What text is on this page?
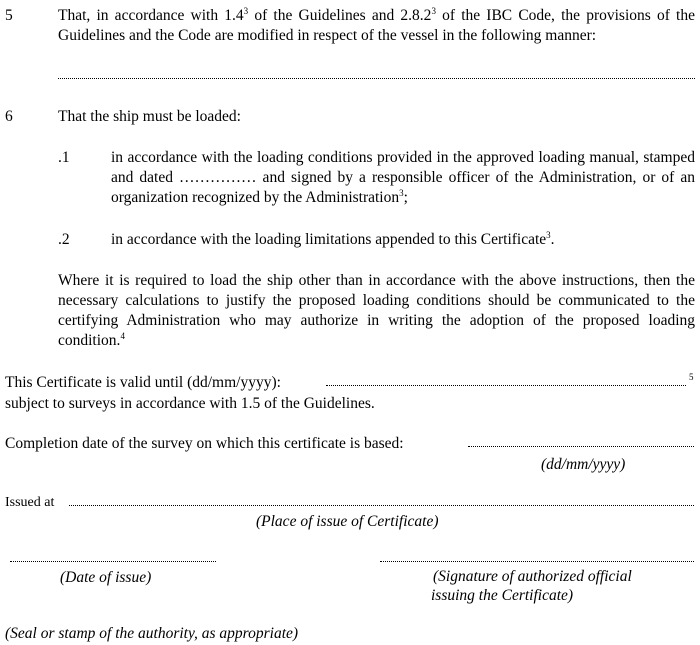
5	That, in accordance with $1.4^3$ of the Guidelines and 2.8.2$^3$ of the IBC Code, the provisions of the Guidelines and the Code are modified in respect of the vessel in the following manner:
6	That the ship must be loaded:
.1	in accordance with the loading conditions provided in the approved loading manual, stamped and dated …………… and signed by a responsible officer of the Administration, or of an organization recognized by the Administration$^3$;
.2	in accordance with the loading limitations appended to this Certificate$^3$.
Where it is required to load the ship other than in accordance with the above instructions, then the necessary calculations to justify the proposed loading conditions should be communicated to the certifying Administration who may authorize in writing the adoption of the proposed loading condition.$^4$
This Certificate is valid until (dd/mm/yyyy):	5
subject to surveys in accordance with 1.5 of the Guidelines.
Completion date of the survey on which this certificate is based:
(dd/mm/yyyy)
Issued at
(Place of issue of Certificate)
(Date of issue)	(Signature of authorized official
issuing the Certificate)
(Seal or stamp of the authority, as appropriate)
